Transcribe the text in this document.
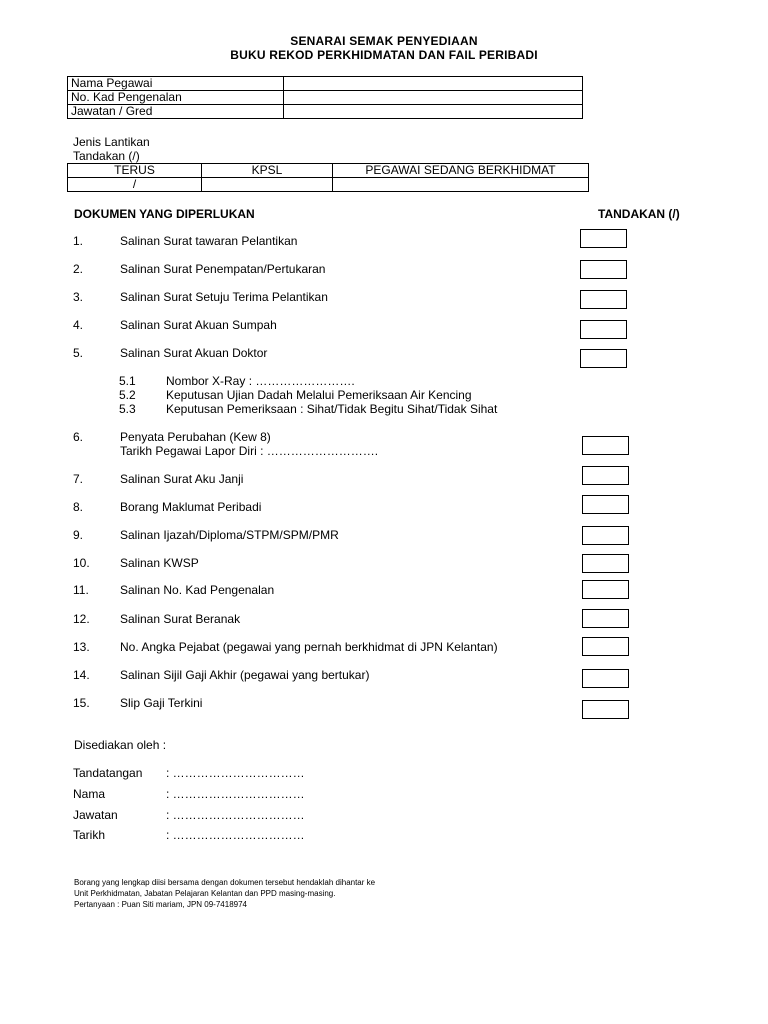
SENARAI SEMAK PENYEDIAAN
BUKU REKOD PERKHIDMATAN DAN FAIL PERIBADI
Nama Pegawai	
No. Kad Pengenalan	
Jawatan / Gred	
Jenis Lantikan
Tandakan (/)
TERUS	KPSL	PEGAWAI SEDANG BERKHIDMAT
/		
DOKUMEN YANG DIPERLUKAN	TANDAKAN (/)
1.	Salinan Surat tawaran Pelantikan
2.	Salinan Surat Penempatan/Pertukaran
3.	Salinan Surat Setuju Terima Pelantikan
4.	Salinan Surat Akuan Sumpah
5.	Salinan Surat Akuan Doktor
5.1	Nombor X-Ray : …………………….
5.2	Keputusan Ujian Dadah Melalui Pemeriksaan Air Kencing
5.3	Keputusan Pemeriksaan : Sihat/Tidak Begitu Sihat/Tidak Sihat
6.	Penyata Perubahan (Kew 8)
Tarikh Pegawai Lapor Diri : ……………………….
7.	Salinan Surat Aku Janji
8.	Borang Maklumat Peribadi
9.	Salinan Ijazah/Diploma/STPM/SPM/PMR
10.	Salinan KWSP
11.	Salinan No. Kad Pengenalan
12.	Salinan Surat Beranak
13.	No. Angka Pejabat (pegawai yang pernah berkhidmat di JPN Kelantan)
14.	Salinan Sijil Gaji Akhir (pegawai yang bertukar)
15.	Slip Gaji Terkini
Disediakan oleh :
Tandatangan : ……………………………
Nama	: ……………………………
Jawatan	: ……………………………
Tarikh	: ……………………………
Borang yang lengkap diisi bersama dengan dokumen tersebut hendaklah dihantar ke
Unit Perkhidmatan, Jabatan Pelajaran Kelantan dan PPD masing-masing.
Pertanyaan : Puan Siti mariam, JPN 09-7418974
